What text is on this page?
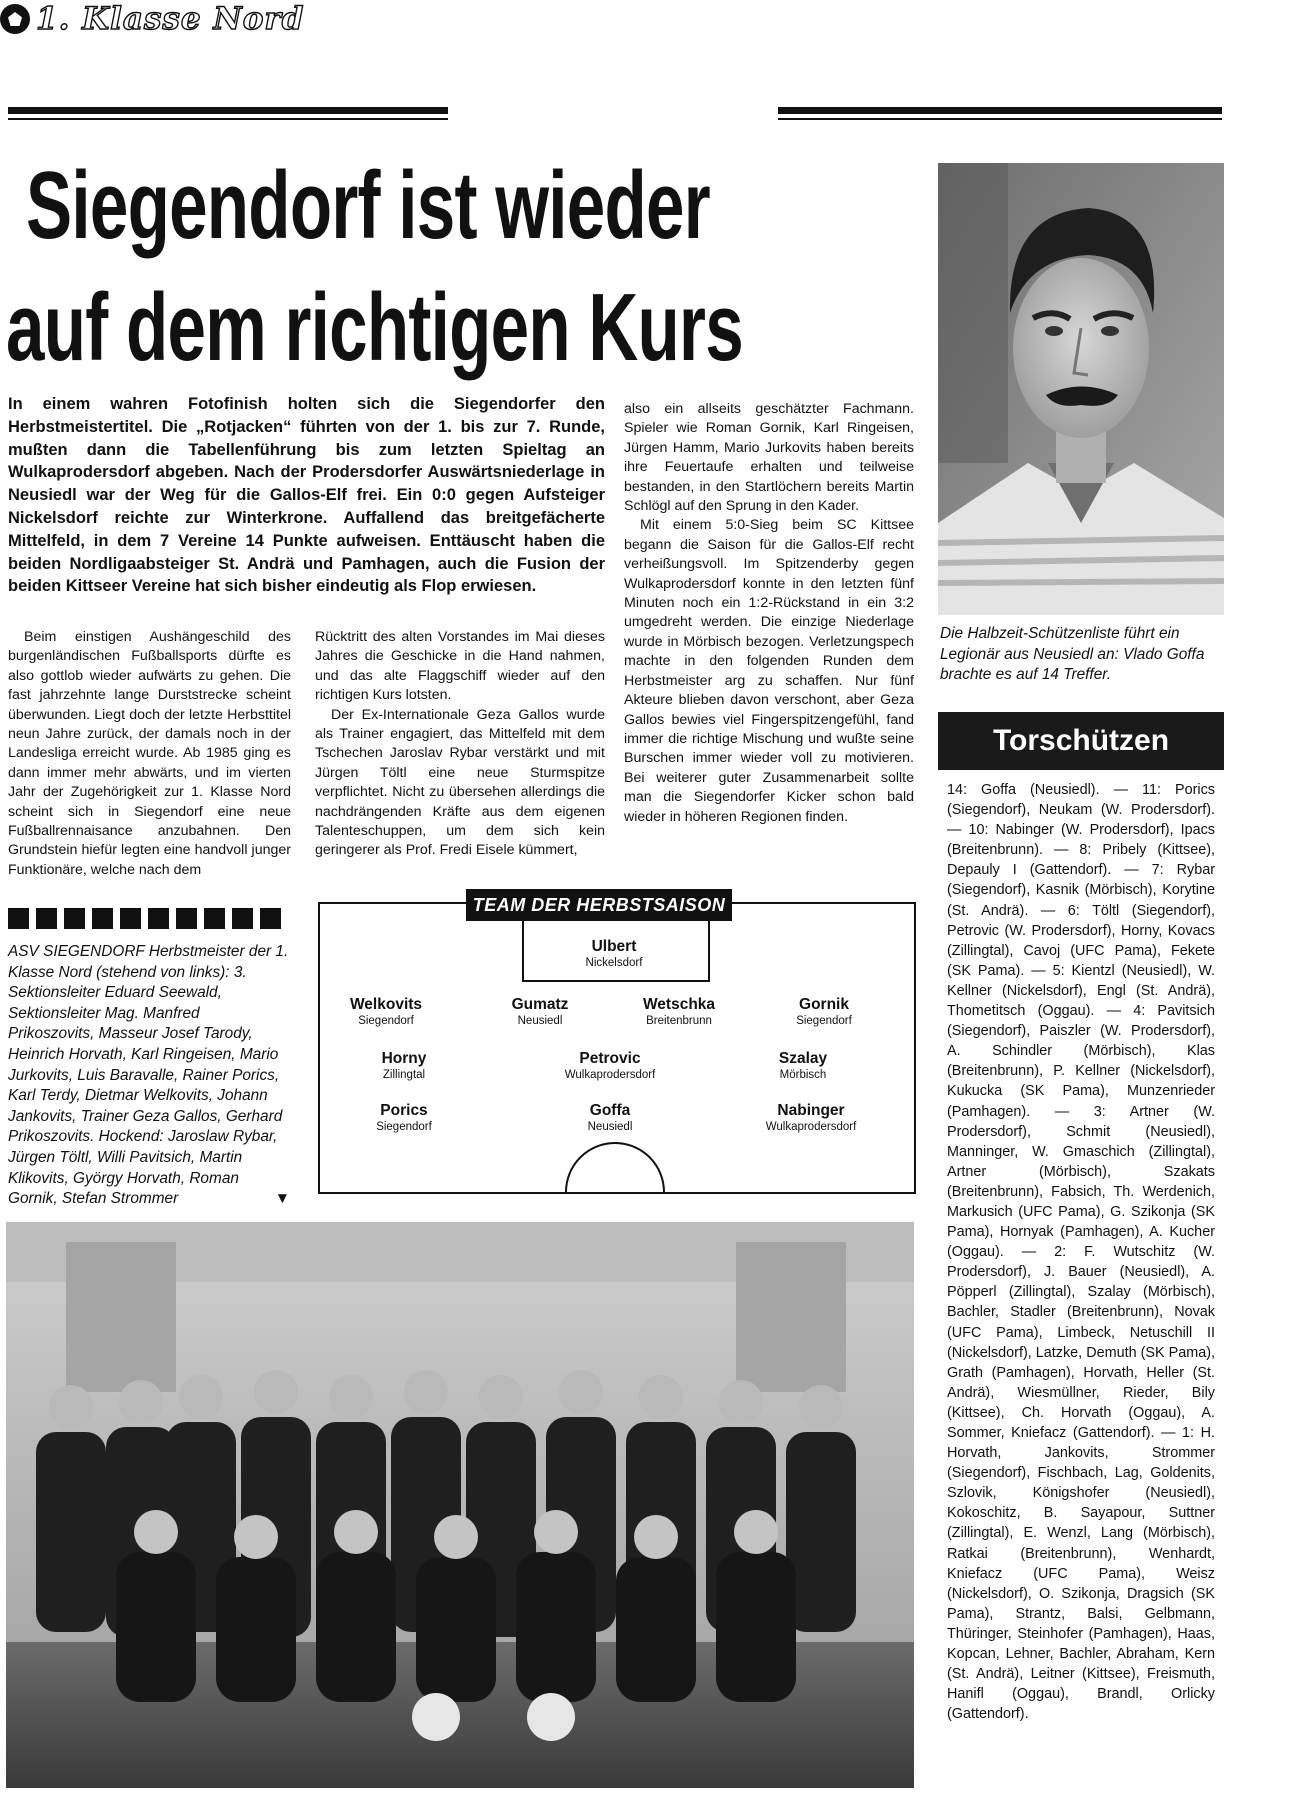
1. Klasse Nord
Siegendorf ist wieder
auf dem richtigen Kurs
In einem wahren Fotofinish holten sich die Siegendorfer den Herbstmeistertitel. Die „Rotjacken“ führten von der 1. bis zur 7. Runde, mußten dann die Tabellenführung bis zum letzten Spieltag an Wulkaprodersdorf abgeben. Nach der Prodersdorfer Auswärtsniederlage in Neusiedl war der Weg für die Gallos-Elf frei. Ein 0:0 gegen Aufsteiger Nickelsdorf reichte zur Winterkrone. Auffallend das breitgefächerte Mittelfeld, in dem 7 Vereine 14 Punkte aufweisen. Enttäuscht haben die beiden Nordligaabsteiger St. Andrä und Pamhagen, auch die Fusion der beiden Kittseer Vereine hat sich bisher eindeutig als Flop erwiesen.

Beim einstigen Aushängeschild des burgenländischen Fußballsports dürfte es also gottlob wieder aufwärts zu gehen. Die fast jahrzehnte lange Durststrecke scheint überwunden. Liegt doch der letzte Herbsttitel neun Jahre zurück, der damals noch in der Landesliga erreicht wurde. Ab 1985 ging es dann immer mehr abwärts, und im vierten Jahr der Zugehörigkeit zur 1. Klasse Nord scheint sich in Siegendorf eine neue Fußballrennaisance anzubahnen. Den Grundstein hiefür legten eine handvoll junger Funktionäre, welche nach dem

Rücktritt des alten Vorstandes im Mai dieses Jahres die Geschicke in die Hand nahmen, und das alte Flaggschiff wieder auf den richtigen Kurs lotsten.

Der Ex-Internationale Geza Gallos wurde als Trainer engagiert, das Mittelfeld mit dem Tschechen Jaroslav Rybar verstärkt und mit Jürgen Töltl eine neue Sturmspitze verpflichtet. Nicht zu übersehen allerdings die nachdrängenden Kräfte aus dem eigenen Talenteschuppen, um dem sich kein geringerer als Prof. Fredi Eisele kümmert,

also ein allseits geschätzter Fachmann. Spieler wie Roman Gornik, Karl Ringeisen, Jürgen Hamm, Mario Jurkovits haben bereits ihre Feuertaufe erhalten und teilweise bestanden, in den Startlöchern bereits Martin Schlögl auf den Sprung in den Kader.

Mit einem 5:0-Sieg beim SC Kittsee begann die Saison für die Gallos-Elf recht verheißungsvoll. Im Spitzenderby gegen Wulkaprodersdorf konnte in den letzten fünf Minuten noch ein 1:2-Rückstand in ein 3:2 umgedreht werden. Die einzige Niederlage wurde in Mörbisch bezogen. Verletzungspech machte in den folgenden Runden dem Herbstmeister arg zu schaffen. Nur fünf Akteure blieben davon verschont, aber Geza Gallos bewies viel Fingerspitzengefühl, fand immer die richtige Mischung und wußte seine Burschen immer wieder voll zu motivieren. Bei weiterer guter Zusammenarbeit sollte man die Siegendorfer Kicker schon bald wieder in höheren Regionen finden.

Die Halbzeit-Schützenliste führt ein Legionär aus Neusiedl an: Vlado Goffa brachte es auf 14 Treffer.
Torschützen
14: Goffa (Neusiedl). — 11: Porics (Siegendorf), Neukam (W. Prodersdorf). — 10: Nabinger (W. Prodersdorf), Ipacs (Breitenbrunn). — 8: Pribely (Kittsee), Depauly I (Gattendorf). — 7: Rybar (Siegendorf), Kasnik (Mörbisch), Korytine (St. Andrä). — 6: Töltl (Siegendorf), Petrovic (W. Prodersdorf), Horny, Kovacs (Zillingtal), Cavoj (UFC Pama), Fekete (SK Pama). — 5: Kientzl (Neusiedl), W. Kellner (Nickelsdorf), Engl (St. Andrä), Thometitsch (Oggau). — 4: Pavitsich (Siegendorf), Paiszler (W. Prodersdorf), A. Schindler (Mörbisch), Klas (Breitenbrunn), P. Kellner (Nickelsdorf), Kukucka (SK Pama), Munzenrieder (Pamhagen). — 3: Artner (W. Prodersdorf), Schmit (Neusiedl), Manninger, W. Gmaschich (Zillingtal), Artner (Mörbisch), Szakats (Breitenbrunn), Fabsich, Th. Werdenich, Markusich (UFC Pama), G. Szikonja (SK Pama), Hornyak (Pamhagen), A. Kucher (Oggau). — 2: F. Wutschitz (W. Prodersdorf), J. Bauer (Neusiedl), A. Pöpperl (Zillingtal), Szalay (Mörbisch), Bachler, Stadler (Breitenbrunn), Novak (UFC Pama), Limbeck, Netuschill II (Nickelsdorf), Latzke, Demuth (SK Pama), Grath (Pamhagen), Horvath, Heller (St. Andrä), Wiesmüllner, Rieder, Bily (Kittsee), Ch. Horvath (Oggau), A. Sommer, Kniefacz (Gattendorf). — 1: H. Horvath, Jankovits, Strommer (Siegendorf), Fischbach, Lag, Goldenits, Szlovik, Königshofer (Neusiedl), Kokoschitz, B. Sayapour, Suttner (Zillingtal), E. Wenzl, Lang (Mörbisch), Ratkai (Breitenbrunn), Wenhardt, Kniefacz (UFC Pama), Weisz (Nickelsdorf), O. Szikonja, Dragsich (SK Pama), Strantz, Balsi, Gelbmann, Thüringer, Steinhofer (Pamhagen), Haas, Kopcan, Lehner, Bachler, Abraham, Kern (St. Andrä), Leitner (Kittsee), Freismuth, Hanifl (Oggau), Brandl, Orlicky (Gattendorf).
ASV SIEGENDORF Herbstmeister der 1. Klasse Nord (stehend von links): 3. Sektionsleiter Eduard Seewald, Sektionsleiter Mag. Manfred Prikoszovits, Masseur Josef Tarody, Heinrich Horvath, Karl Ringeisen, Mario Jurkovits, Luis Baravalle, Rainer Porics, Karl Terdy, Dietmar Welkovits, Johann Jankovits, Trainer Geza Gallos, Gerhard Prikoszovits. Hockend: Jaroslaw Rybar, Jürgen Töltl, Willi Pavitsich, Martin Klikovits, György Horvath, Roman Gornik, Stefan Strommer	▼
Ulbert
Nickelsdorf
Welkovits
Siegendorf
Gumatz
Neusiedl
Wetschka
Breitenbrunn
Gornik
Siegendorf
Horny
Zillingtal
Petrovic
Wulkaprodersdorf
Szalay
Mörbisch
Porics
Siegendorf
Goffa
Neusiedl
Nabinger
Wulkaprodersdorf
TEAM DER HERBSTSAISON
